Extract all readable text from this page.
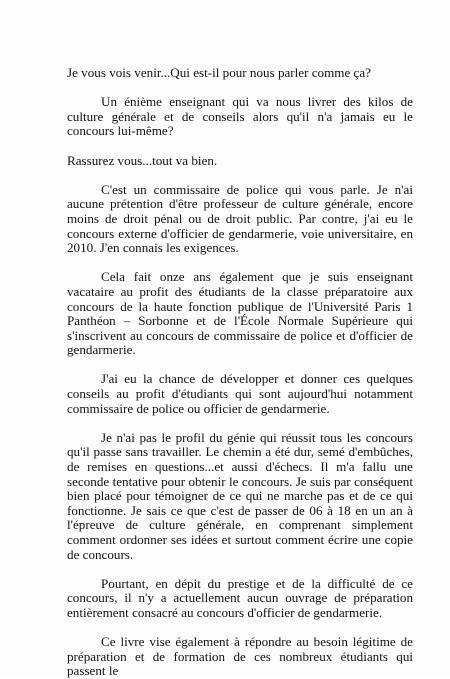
Je vous vois venir...Qui est-il pour nous parler comme ça?

Un énième enseignant qui va nous livrer des kilos de culture générale et de conseils alors qu'il n'a jamais eu le concours lui-même?

Rassurez vous...tout va bien.

C'est un commissaire de police qui vous parle. Je n'ai aucune prétention d'être professeur de culture générale, encore moins de droit pénal ou de droit public. Par contre, j'ai eu le concours externe d'officier de gendarmerie, voie universitaire, en 2010. J'en connais les exigences.

Cela fait onze ans également que je suis enseignant vacataire au profit des étudiants de la classe préparatoire aux concours de la haute fonction publique de l'Université Paris 1 Panthéon – Sorbonne et de l'École Normale Supérieure qui s'inscrivent au concours de commissaire de police et d'officier de gendarmerie.

J'ai eu la chance de développer et donner ces quelques conseils au profit d'étudiants qui sont aujourd'hui notamment commissaire de police ou officier de gendarmerie.

Je n'ai pas le profil du génie qui réussit tous les concours qu'il passe sans travailler. Le chemin a été dur, semé d'embûches, de remises en questions...et aussi d'échecs. Il m'a fallu une seconde tentative pour obtenir le concours. Je suis par conséquent bien placé pour témoigner de ce qui ne marche pas et de ce qui fonctionne. Je sais ce que c'est de passer de 06 à 18 en un an à l'épreuve de culture générale, en comprenant simplement comment ordonner ses idées et surtout comment écrire une copie de concours.

Pourtant, en dépit du prestige et de la difficulté de ce concours, il n'y a actuellement aucun ouvrage de préparation entièrement consacré au concours d'officier de gendarmerie.

Ce livre vise également à répondre au besoin légitime de préparation et de formation de ces nombreux étudiants qui passent le
